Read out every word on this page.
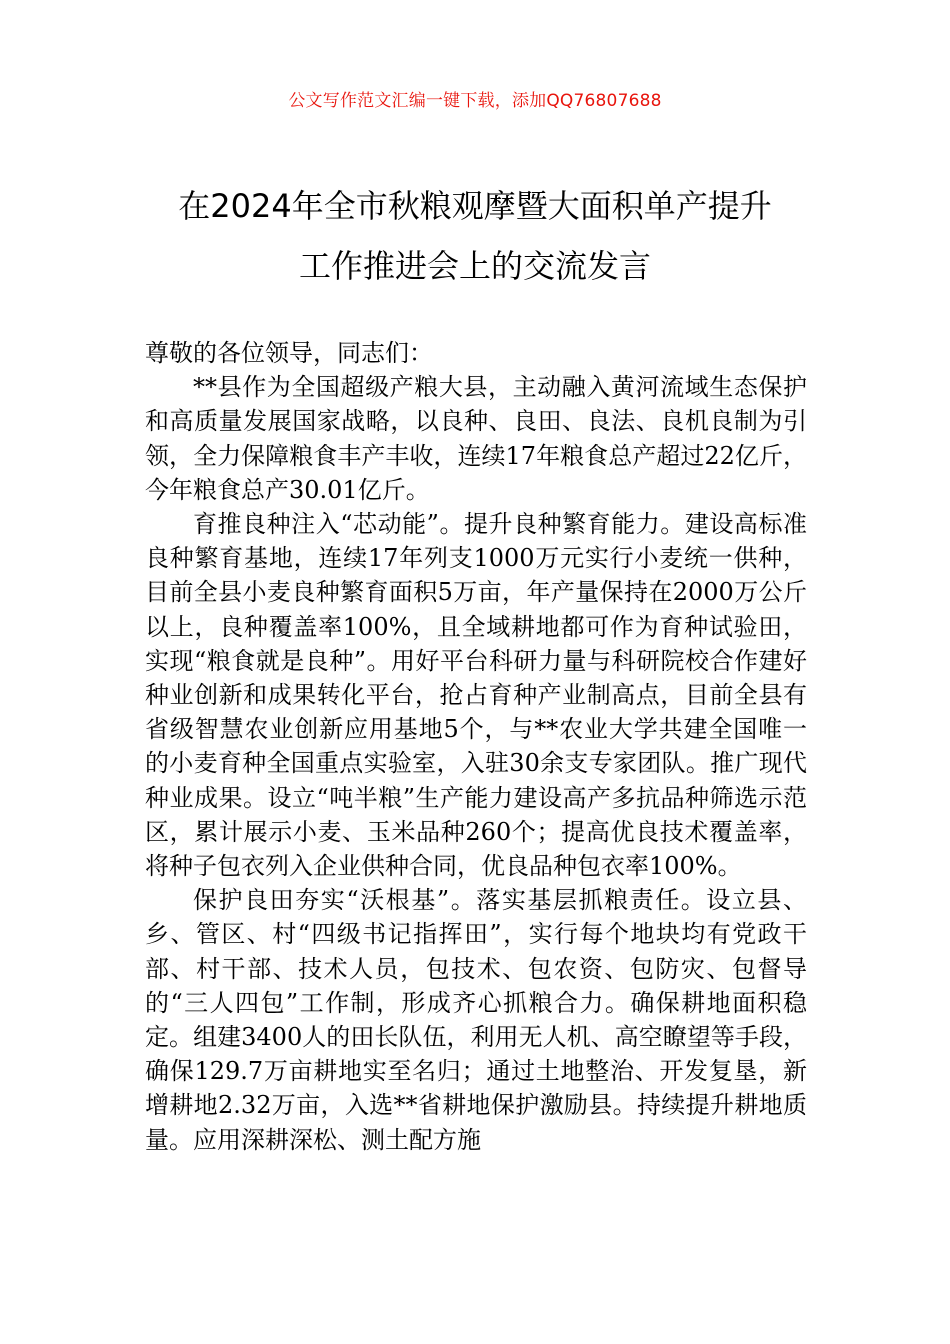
公文写作范文汇编一键下载，添加QQ76807688
在2024年全市秋粮观摩暨大面积单产提升
工作推进会上的交流发言

尊敬的各位领导，同志们：

**县作为全国超级产粮大县，主动融入黄河流域生态保护和高质量发展国家战略，以良种、良田、良法、良机良制为引领，全力保障粮食丰产丰收，连续17年粮食总产超过22亿斤，今年粮食总产30.01亿斤。

育推良种注入“芯动能”。提升良种繁育能力。建设高标准良种繁育基地，连续17年列支1000万元实行小麦统一供种，目前全县小麦良种繁育面积5万亩，年产量保持在2000万公斤以上，良种覆盖率100%，且全域耕地都可作为育种试验田，实现“粮食就是良种”。用好平台科研力量与科研院校合作建好种业创新和成果转化平台，抢占育种产业制高点，目前全县有省级智慧农业创新应用基地5个，与**农业大学共建全国唯一的小麦育种全国重点实验室，入驻30余支专家团队。推广现代种业成果。设立“吨半粮”生产能力建设高产多抗品种筛选示范区，累计展示小麦、玉米品种260个；提高优良技术覆盖率，将种子包衣列入企业供种合同，优良品种包衣率100%。

保护良田夯实“沃根基”。落实基层抓粮责任。设立县、乡、管区、村“四级书记指挥田”，实行每个地块均有党政干部、村干部、技术人员，包技术、包农资、包防灾、包督导的“三人四包”工作制，形成齐心抓粮合力。确保耕地面积稳定。组建3400人的田长队伍，利用无人机、高空瞭望等手段，确保129.7万亩耕地实至名归；通过土地整治、开发复垦，新增耕地2.32万亩，入选**省耕地保护激励县。持续提升耕地质量。应用深耕深松、测土配方施
